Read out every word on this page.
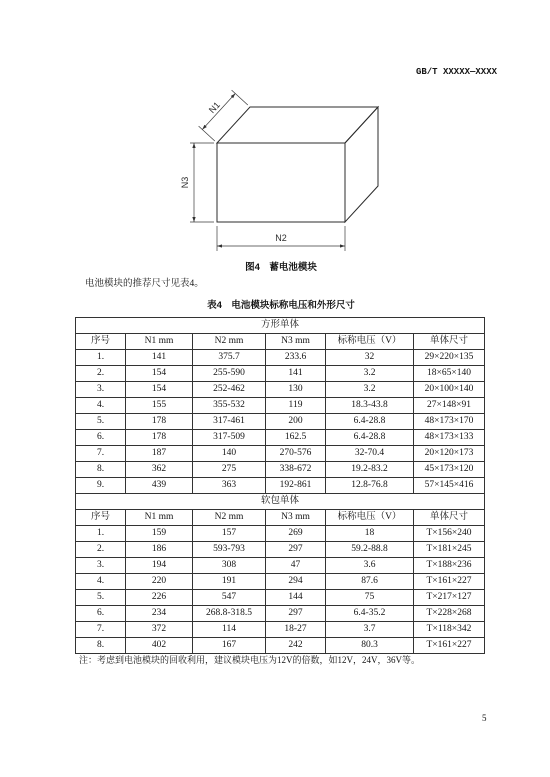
GB/T XXXXX—XXXX
N1
N3
N2
图4　蓄电池模块
电池模块的推荐尺寸见表4。
表4　电池模块标称电压和外形尺寸
方形单体					
序号	N1 mm	N2 mm	N3 mm	标称电压（V）	单体尺寸
1.	141	375.7	233.6	32	29×220×135
2.	154	255-590	141	3.2	18×65×140
3.	154	252-462	130	3.2	20×100×140
4.	155	355-532	119	18.3-43.8	27×148×91
5.	178	317-461	200	6.4-28.8	48×173×170
6.	178	317-509	162.5	6.4-28.8	48×173×133
7.	187	140	270-576	32-70.4	20×120×173
8.	362	275	338-672	19.2-83.2	45×173×120
9.	439	363	192-861	12.8-76.8	57×145×416
软包单体					
序号	N1 mm	N2 mm	N3 mm	标称电压（V）	单体尺寸
1.	159	157	269	18	T×156×240
2.	186	593-793	297	59.2-88.8	T×181×245
3.	194	308	47	3.6	T×188×236
4.	220	191	294	87.6	T×161×227
5.	226	547	144	75	T×217×127
6.	234	268.8-318.5	297	6.4-35.2	T×228×268
7.	372	114	18-27	3.7	T×118×342
8.	402	167	242	80.3	T×161×227
注：考虑到电池模块的回收利用，建议模块电压为12V的倍数，如12V，24V，36V等。
5
